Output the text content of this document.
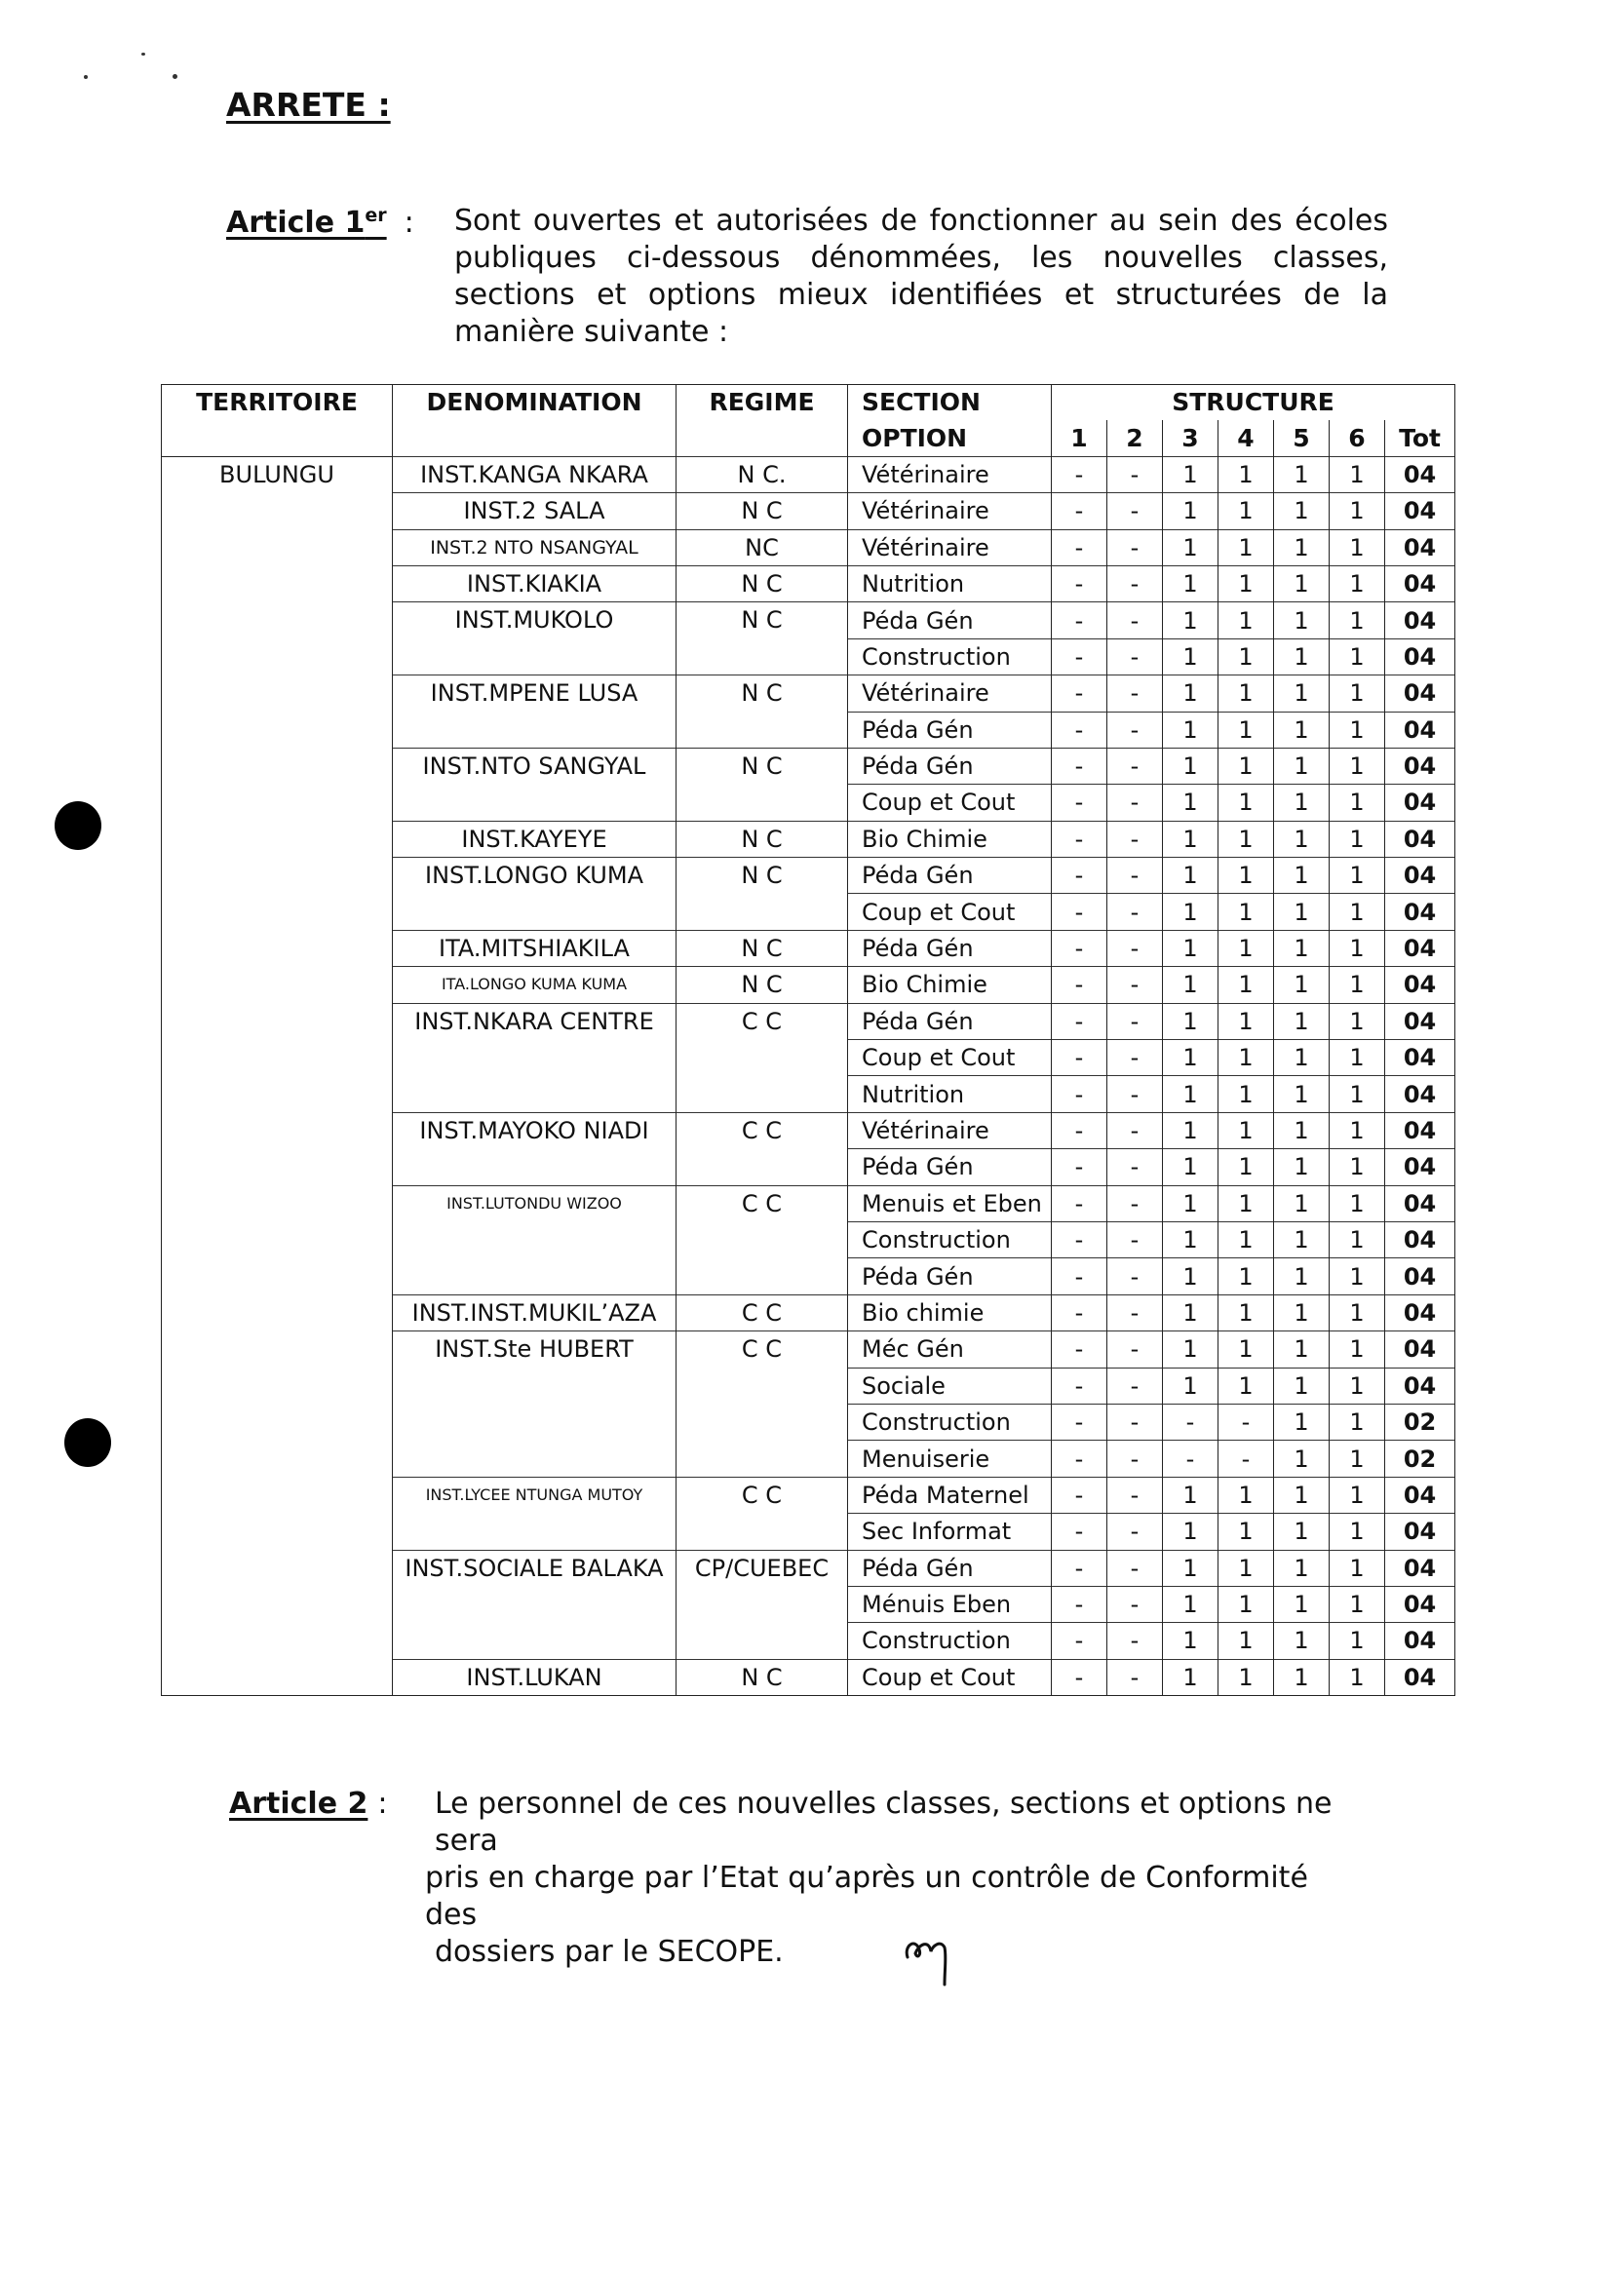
ARRETE :
Article 1er : Sont ouvertes et autorisées de fonctionner au sein des écoles publiques ci-dessous dénommées, les nouvelles classes, sections et options mieux identifiées et structurées de la manière suivante :
TERRITOIRE	DENOMINATION	REGIME	SECTION	STRUCTURE						
			OPTION	1	2	3	4	5	6	Tot
BULUNGU	INST.KANGA NKARA	N C.	Vétérinaire	-	-	1	1	1	1	04
	INST.2 SALA	N C	Vétérinaire	-	-	1	1	1	1	04
	INST.2 NTO NSANGYAL	NC	Vétérinaire	-	-	1	1	1	1	04
	INST.KIAKIA	N C	Nutrition	-	-	1	1	1	1	04
	INST.MUKOLO	N C	Péda Gén	-	-	1	1	1	1	04
			Construction	-	-	1	1	1	1	04
	INST.MPENE LUSA	N C	Vétérinaire	-	-	1	1	1	1	04
			Péda Gén	-	-	1	1	1	1	04
	INST.NTO SANGYAL	N C	Péda Gén	-	-	1	1	1	1	04
			Coup et Cout	-	-	1	1	1	1	04
	INST.KAYEYE	N C	Bio Chimie	-	-	1	1	1	1	04
	INST.LONGO KUMA	N C	Péda Gén	-	-	1	1	1	1	04
			Coup et Cout	-	-	1	1	1	1	04
	ITA.MITSHIAKILA	N C	Péda Gén	-	-	1	1	1	1	04
	ITA.LONGO KUMA KUMA	N C	Bio Chimie	-	-	1	1	1	1	04
	INST.NKARA CENTRE	C C	Péda Gén	-	-	1	1	1	1	04
			Coup et Cout	-	-	1	1	1	1	04
			Nutrition	-	-	1	1	1	1	04
	INST.MAYOKO NIADI	C C	Vétérinaire	-	-	1	1	1	1	04
			Péda Gén	-	-	1	1	1	1	04
	INST.LUTONDU WIZOO	C C	Menuis et Eben	-	-	1	1	1	1	04
			Construction	-	-	1	1	1	1	04
			Péda Gén	-	-	1	1	1	1	04
	INST.INST.MUKIL’AZA	C C	Bio chimie	-	-	1	1	1	1	04
	INST.Ste HUBERT	C C	Méc Gén	-	-	1	1	1	1	04
			Sociale	-	-	1	1	1	1	04
			Construction	-	-	-	-	1	1	02
			Menuiserie	-	-	-	-	1	1	02
	INST.LYCEE NTUNGA MUTOY	C C	Péda Maternel	-	-	1	1	1	1	04
			Sec Informat	-	-	1	1	1	1	04
	INST.SOCIALE BALAKA	CP/CUEBEC	Péda Gén	-	-	1	1	1	1	04
			Ménuis Eben	-	-	1	1	1	1	04
			Construction	-	-	1	1	1	1	04
	INST.LUKAN	N C	Coup et Cout	-	-	1	1	1	1	04
Article 2 :	Le personnel de ces nouvelles classes, sections et options ne sera
pris en charge par l’Etat qu’après un contrôle de Conformité des
dossiers par le SECOPE.
